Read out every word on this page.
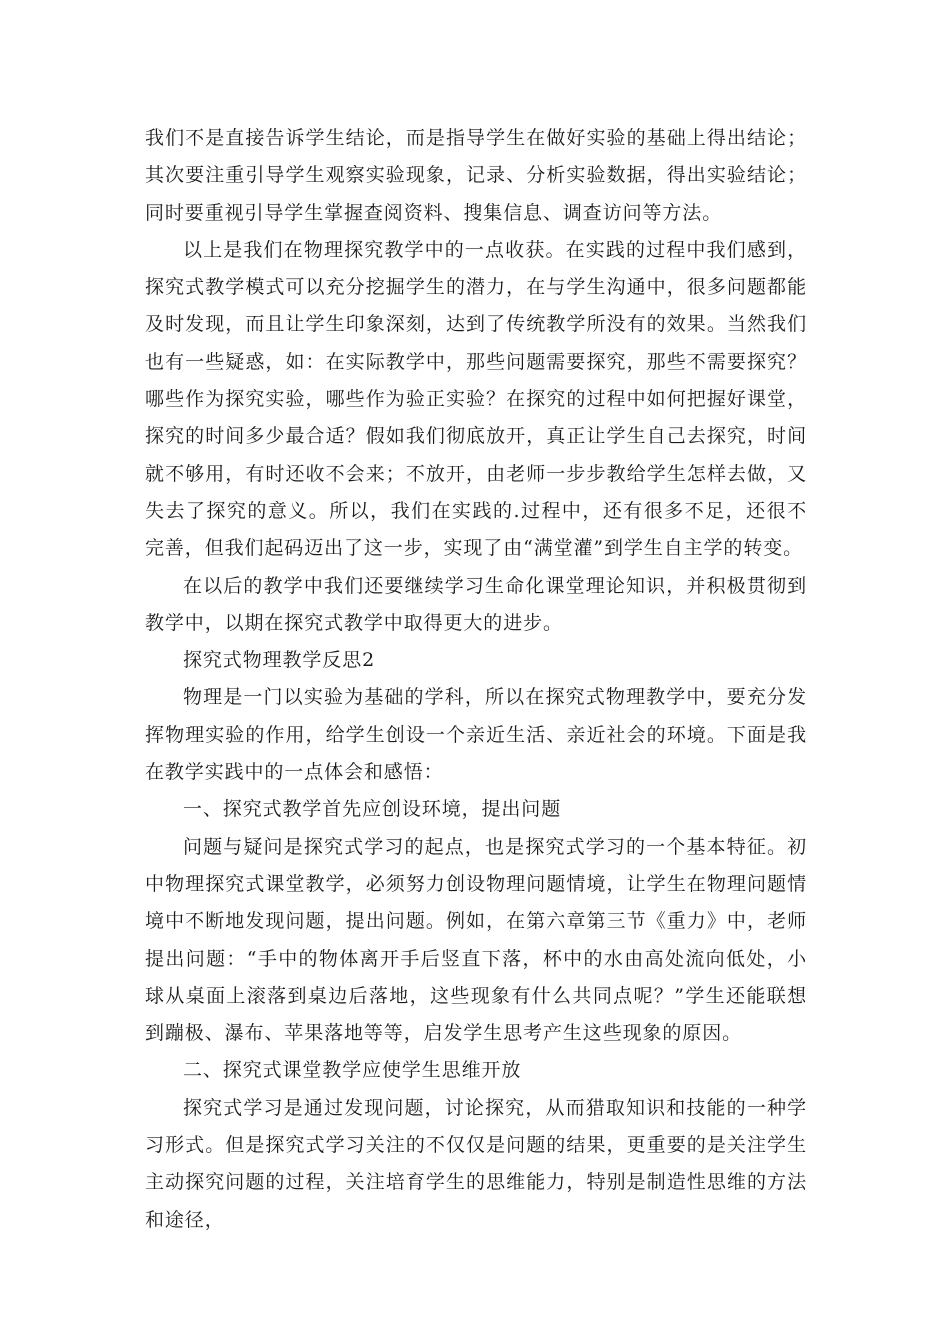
我们不是直接告诉学生结论，而是指导学生在做好实验的基础上得出结论；其次要注重引导学生观察实验现象，记录、分析实验数据，得出实验结论；同时要重视引导学生掌握查阅资料、搜集信息、调查访问等方法。

以上是我们在物理探究教学中的一点收获。在实践的过程中我们感到，探究式教学模式可以充分挖掘学生的潜力，在与学生沟通中，很多问题都能及时发现，而且让学生印象深刻，达到了传统教学所没有的效果。当然我们也有一些疑惑，如：在实际教学中，那些问题需要探究，那些不需要探究？哪些作为探究实验，哪些作为验正实验？在探究的过程中如何把握好课堂，探究的时间多少最合适？假如我们彻底放开，真正让学生自己去探究，时间就不够用，有时还收不会来；不放开，由老师一步步教给学生怎样去做，又失去了探究的意义。所以，我们在实践的.过程中，还有很多不足，还很不完善，但我们起码迈出了这一步，实现了由“满堂灌”到学生自主学的转变。

在以后的教学中我们还要继续学习生命化课堂理论知识，并积极贯彻到教学中，以期在探究式教学中取得更大的进步。

探究式物理教学反思2

物理是一门以实验为基础的学科，所以在探究式物理教学中，要充分发挥物理实验的作用，给学生创设一个亲近生活、亲近社会的环境。下面是我在教学实践中的一点体会和感悟：

一、探究式教学首先应创设环境，提出问题

问题与疑问是探究式学习的起点，也是探究式学习的一个基本特征。初中物理探究式课堂教学，必须努力创设物理问题情境，让学生在物理问题情境中不断地发现问题，提出问题。例如，在第六章第三节《重力》中，老师提出问题：“手中的物体离开手后竖直下落，杯中的水由高处流向低处，小球从桌面上滚落到桌边后落地，这些现象有什么共同点呢？”学生还能联想到蹦极、瀑布、苹果落地等等，启发学生思考产生这些现象的原因。

二、探究式课堂教学应使学生思维开放

探究式学习是通过发现问题，讨论探究，从而猎取知识和技能的一种学习形式。但是探究式学习关注的不仅仅是问题的结果，更重要的是关注学生主动探究问题的过程，关注培育学生的思维能力，特别是制造性思维的方法和途径，
